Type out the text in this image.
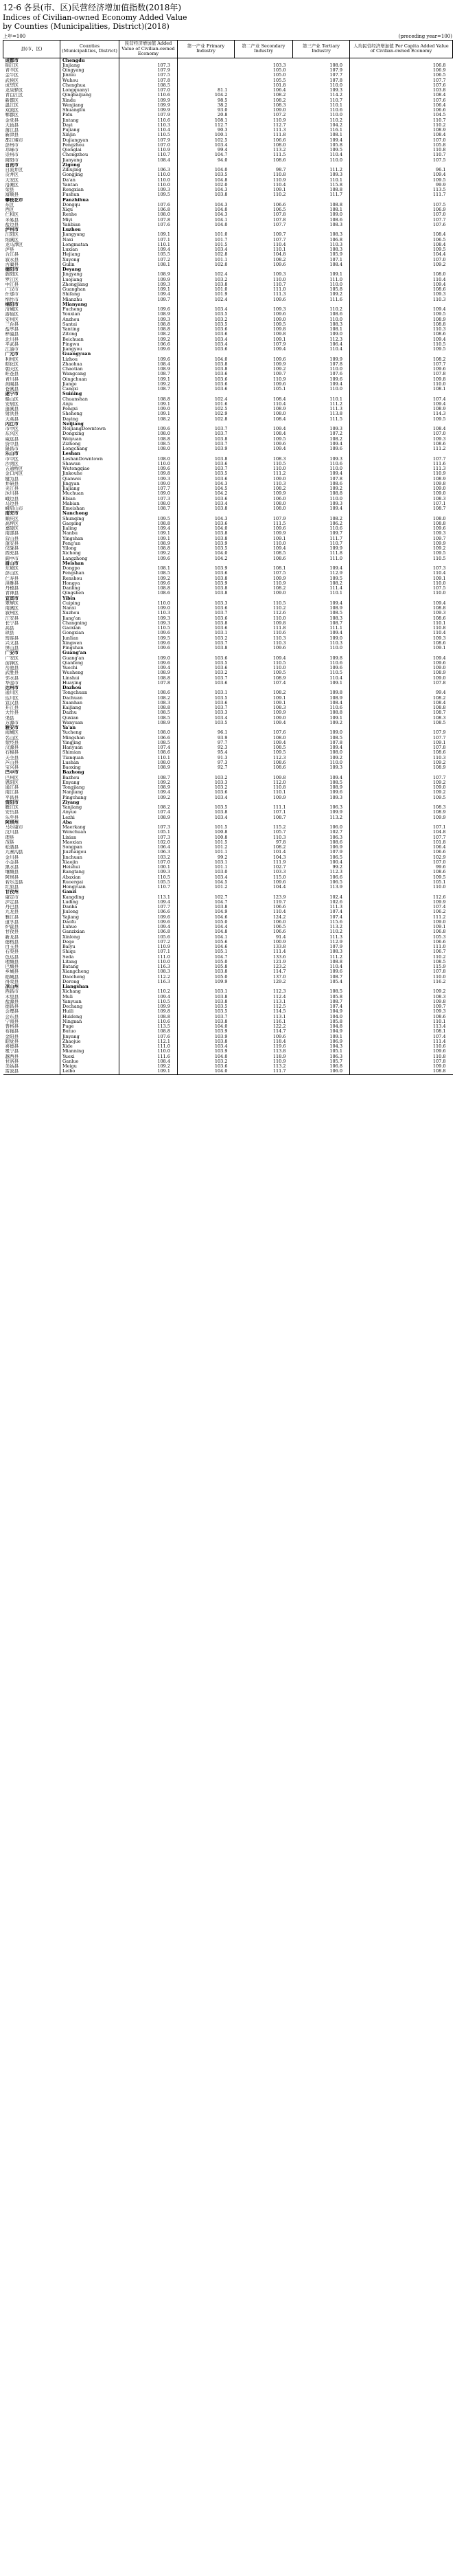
12-6 各县(市、区)民营经济增加值指数(2018年)
Indices of Civilian-owned Economy Added Value
by Counties (Municipalities, District)(2018)
上年=100	(preceding year=100)
县(市、区)	Counties (Municipalities, District)	民营经济增加值 Added Value of Civilian-owned Economy	第一产业 Primary Industry	第二产业 Secondary Industry	第三产业 Tertiary Industry	人均民营经济增加值 Per Capita Added Value of Civilian-owned Economy
成都市	Chengdu					
锦江区	Jinjiang	107.3		103.3	108.0	106.8
青羊区	Qingyang	107.9		105.0	107.9	106.9
金牛区	Jinniu	107.5		105.0	107.7	106.5
武侯区	Wuhou	107.8		105.5	107.8	107.7
成华区	Chenghua	108.5		101.8	110.0	107.6
龙泉驿区	Longquanyi	107.0	81.1	106.4	109.3	103.8
青白江区	Qingbaijiang	110.6	104.2	108.2	114.2	108.4
新都区	Xindu	109.9	98.5	108.2	110.7	107.6
温江区	Wenjiang	109.9	38.2	108.3	110.1	106.4
双流区	Shuangliu	109.9	93.0	109.0	110.6	106.6
郫都区	Pidu	107.9	20.8	107.2	110.0	104.5
金堂县	Jintang	110.6	108.1	110.9	110.2	110.7
大邑县	Dayi	110.3	112.7	112.7	104.2	110.2
蒲江县	Pujiang	110.4	90.3	111.3	116.1	108.9
新津县	Xinjin	110.5	100.1	111.8	108.1	108.4
都江堰市	Dujiangyan	107.9	102.5	106.6	109.4	107.0
彭州市	Pengzhou	107.0	103.4	108.0	105.8	105.8
邛崃市	Qionglai	110.9	99.4	113.2	109.5	110.8
崇州市	Chongzhou	110.7	104.7	111.5	110.4	110.7
简阳市	Jianyang	108.4	94.0	108.6	110.0	107.5
自贡市	Zigong					
自流井区	Ziliujing	106.3	104.0	98.7	111.2	96.1
贡井区	Gongjing	110.0	103.5	110.8	109.3	109.4
大安区	Da'an	110.0	104.8	110.9	110.1	109.5
沿滩区	Yantan	110.0	102.0	110.4	115.8	99.9
荣县	Rongxian	109.3	104.3	109.1	108.8	113.5
富顺县	Fushun	109.5	103.8	110.2	111.7	111.7
攀枝花市	Panzhihua					
东区	Dongqu	107.6	104.3	106.6	108.8	107.5
西区	Xiqu	106.8	104.0	106.5	108.1	106.9
仁和区	Renhe	108.0	104.3	107.8	109.0	107.0
米易县	Miyi	107.8	104.1	107.8	108.6	107.7
盐边县	Yanbian	107.6	104.0	107.7	108.3	107.6
泸州市	Luzhou					
江阳区	Jiangyang	109.1	101.0	109.7	108.3	108.4
纳溪区	Naxi	107.1	101.7	107.7	106.8	106.5
龙马潭区	Longmatan	110.1	101.5	110.4	110.3	108.4
泸县	Luxian	109.4	103.4	110.1	108.3	109.5
合江县	Hejiang	105.5	102.8	104.8	105.9	104.4
叙永县	Xuyong	107.2	101.1	108.2	107.1	107.0
古蔺县	Gulin	108.1	102.0	109.6	108.4	109.2
德阳市	Deyang					
旌阳区	Jingyang	108.9	102.4	109.3	109.1	108.0
罗江区	Luojiang	109.9	103.2	110.0	111.0	110.4
中江县	Zhongjiang	109.3	103.8	110.7	110.0	109.4
广汉市	Guanghan	109.1	101.0	111.0	105.8	108.6
什邡市	Shifang	109.4	101.9	111.3	109.2	109.3
绵竹市	Mianzhu	109.7	102.4	109.6	111.6	110.3
绵阳市	Mianyang					
涪城区	Fucheng	109.6	103.4	109.3	110.2	109.4
游仙区	Youxian	108.9	103.5	109.6	108.6	109.5
安州区	Anzhou	109.3	103.2	109.0	110.0	108.9
三台县	Santai	108.8	103.5	109.5	108.3	108.8
盐亭县	Yanting	108.8	103.6	109.8	108.1	110.3
梓潼县	Zitong	108.2	103.6	109.8	109.0	108.6
北川县	Beichuan	109.2	103.4	109.1	112.3	109.4
平武县	Pingwu	106.6	103.4	107.9	106.4	110.5
江油市	Jiangyou	109.6	103.6	109.4	110.4	109.5
广元市	Guangyuan					
利州区	Lizhou	109.6	104.0	109.6	109.9	108.2
昭化区	Zhaohua	108.4	103.8	109.9	107.8	107.7
朝天区	Chaotian	108.9	103.8	109.2	110.0	109.6
旺苍县	Wangcang	108.7	103.6	109.7	107.6	107.8
青川县	Qingchuan	109.1	103.6	110.9	109.6	109.8
剑阁县	Jiange	109.2	103.6	109.6	109.4	110.0
苍溪县	Cangxi	108.7	103.6	105.1	110.0	108.1
遂宁市	Suining					
船山区	Chuanshan	108.8	102.4	108.4	110.1	107.4
安居区	Anju	109.1	101.6	110.4	111.2	109.4
蓬溪县	Pengxi	109.0	102.5	108.9	111.3	108.9
射洪县	Shehong	109.1	102.9	108.0	113.8	114.3
大英县	Daying	108.2	102.8	108.4	111.5	109.5
内江市	Neijiang					
市中区	NeijiangDowntown	109.6	103.7	109.4	109.3	108.4
东兴区	Dongxing	108.0	103.7	108.4	107.2	107.0
威远县	Weiyuan	108.8	103.8	109.5	108.2	109.3
资中县	Zizhong	108.5	103.7	109.6	109.4	108.6
隆昌市	Longchang	108.0	103.9	109.4	109.6	111.2
乐山市	Leshan					
市中区	LeshanDowntown	108.0	103.8	108.3	109.3	107.7
沙湾区	Shawan	110.0	103.6	110.5	110.6	111.6
五通桥区	Wutongqiao	109.6	103.7	110.0	110.0	111.3
金口河区	Jinkouhe	109.8	103.5	111.2	109.4	110.9
犍为县	Qianwei	109.3	103.6	109.0	107.8	108.9
井研县	Jingyan	109.0	104.3	110.3	108.6	109.8
夹江县	Jiajiang	107.7	104.5	108.2	109.2	109.0
沐川县	Muchuan	109.0	104.2	109.9	108.8	109.0
峨边县	Ebian	107.3	103.6	106.0	110.0	108.3
马边县	Mabian	108.0	103.4	108.0	109.3	107.1
峨眉山市	Emeishan	108.7	103.8	108.0	109.4	108.7
南充市	Nanchong					
顺庆区	Shunqing	109.5	104.3	107.9	108.2	108.0
高坪区	Gaoping	108.8	103.6	111.5	106.2	108.8
嘉陵区	Jialing	109.4	104.0	109.6	110.6	109.6
南部县	Nanbu	109.1	103.8	109.9	109.7	109.3
营山县	Yingshan	109.1	103.8	109.1	111.7	109.7
蓬安县	Peng'an	108.9	103.9	110.0	110.7	109.9
仪陇县	Yilong	108.8	103.5	109.4	109.9	109.2
西充县	Xichong	109.2	104.0	108.5	111.8	109.5
阆中市	Langzhong	109.6	104.2	108.6	111.0	110.5
眉山市	Meishan					
东坡区	Dongpo	108.1	103.9	108.1	109.4	107.3
彭山区	Pengshan	108.5	103.6	107.5	112.9	110.4
仁寿县	Renshou	109.2	103.8	109.9	109.5	109.1
洪雅县	Hongya	109.6	103.9	110.9	108.2	110.0
丹棱县	Danling	108.8	103.8	108.2	111.4	107.5
青神县	Qingshen	108.6	103.8	109.0	110.1	110.0
宜宾市	Yibin					
翠屏区	Cuiping	110.0	103.3	110.5	109.4	109.4
南溪区	Nanxi	109.0	103.6	110.2	108.9	108.8
叙州区	Xuzhou	110.3	103.7	112.6	108.5	109.3
江安县	Jiang'an	109.3	103.6	110.0	108.3	108.6
长宁县	Changning	109.3	103.8	109.8	108.7	110.1
高县	Gaoxian	110.5	103.6	111.8	111.1	110.8
珙县	Gongxian	109.6	103.1	110.6	109.4	110.4
筠连县	Junlian	109.5	103.2	110.3	109.0	109.3
兴文县	Xingwen	109.6	103.7	110.3	110.3	108.6
屏山县	Pingshan	109.6	103.8	109.6	110.0	109.1
广安市	Guang'an					
广安区	Guang'an	109.0	103.6	109.4	109.8	109.4
前锋区	Qianfeng	109.6	103.5	110.5	110.6	109.6
岳池县	Yuechi	109.4	103.6	110.0	109.6	109.0
武胜县	Wusheng	108.9	103.2	109.5	110.5	108.9
邻水县	Linshui	108.8	103.7	108.9	110.4	109.0
华蓥市	Huaying	107.8	103.6	107.4	109.1	107.8
达州市	Dazhou					
通川区	Tongchuan	108.6	103.1	108.2	109.8	99.4
达川区	Dachuan	108.2	103.5	109.1	108.9	108.2
宣汉县	Xuanhan	108.3	103.6	109.1	108.4	108.4
开江县	Kaijiang	108.8	103.7	108.3	110.6	108.8
大竹县	Dazhu	108.5	103.3	109.9	108.8	108.7
渠县	Quxian	108.5	103.4	109.0	109.1	108.3
万源市	Wanyuan	108.9	103.5	109.4	109.2	108.5
雅安市	Ya'an					
雨城区	Yucheng	108.0	96.1	107.6	109.0	107.9
名山区	Mingshan	106.6	93.9	108.0	108.5	107.7
荥经县	Yingjing	108.5	97.7	109.4	107.8	109.1
汉源县	Hanyuan	107.4	92.3	108.5	109.4	107.8
石棉县	Shimian	108.6	95.4	109.5	108.0	108.6
天全县	Tianquan	110.1	91.3	112.3	109.2	110.3
芦山县	Lushan	108.0	97.3	108.6	110.0	109.2
宝兴县	Baoxing	108.9	92.7	108.6	109.3	108.9
巴中市	Bazhong					
巴州区	Bazhou	108.7	103.2	109.8	109.4	107.7
恩阳区	Enyang	109.2	103.3	112.0	108.5	109.2
通江县	Tongjiang	108.9	103.2	110.8	108.9	109.0
南江县	Nanjiang	109.4	103.6	110.1	109.6	109.2
平昌县	Pingchang	109.2	103.4	109.9	109.3	109.5
资阳市	Ziyang					
雁江区	Yanjiang	108.2	103.5	111.1	106.3	108.3
安岳县	Anyue	107.4	103.8	107.1	109.9	108.9
乐至县	Lezhi	108.9	103.4	108.7	113.2	109.9
阿坝州	Aba					
马尔康市	Maerkang	107.3	101.5	115.2	106.0	107.1
汶川县	Wenchuan	105.1	100.8	105.7	102.7	104.8
理县	Lixian	107.3	100.8	110.3	106.3	107.7
茂县	Maoxian	102.0	101.5	97.8	108.6	101.8
松潘县	Songpan	106.4	101.2	108.2	106.9	106.4
九寨沟县	Jiuzhaigou	106.3	101.1	101.4	107.9	106.6
金川县	Jinchuan	103.2	99.2	104.3	106.5	102.9
小金县	Xiaojin	107.0	103.1	111.9	100.4	107.0
黑水县	Heishui	100.1	101.1	102.7	99.2	99.6
壤塘县	Rangtang	109.3	103.0	103.3	112.3	108.6
阿坝县	Abaxian	110.5	103.4	115.0	106.6	109.5
若尔盖县	Ruoergai	105.5	104.5	109.6	106.5	105.1
红原县	Hongyuan	110.7	101.2	104.4	113.9	110.0
甘孜州	Ganzi					
康定市	Kangding	113.1	102.7	123.9	102.4	112.6
泸定县	Luding	109.4	104.7	119.7	102.6	109.9
丹巴县	Danba	107.7	103.8	106.6	111.3	107.4
九龙县	Jiulong	106.6	104.9	110.4	107.4	106.2
雅江县	Yajiang	109.6	104.6	124.2	107.4	111.2
道孚县	Daofu	109.6	105.0	106.0	115.6	109.0
炉霍县	Luhuo	109.4	104.4	106.5	113.2	109.1
甘孜县	Ganzixian	106.8	104.8	106.6	110.2	106.8
新龙县	Xinlong	105.6	104.1	91.4	111.3	105.3
德格县	Dege	107.2	105.6	100.9	112.9	106.6
白玉县	Baiyu	110.9	104.6	133.8	107.9	111.0
石渠县	Shiqu	107.1	105.1	111.4	108.3	106.7
色达县	Seda	111.0	104.7	133.6	111.2	110.2
理塘县	Litang	110.0	105.0	121.9	108.8	108.5
巴塘县	Batang	116.3	105.8	123.2	110.4	115.9
乡城县	Xiangcheng	108.3	103.8	114.7	109.6	107.8
稻城县	Daocheng	112.2	105.0	137.0	108.7	110.0
得荣县	Derong	116.3	109.9	129.2	105.4	116.2
凉山州	Liangshan					
西昌市	Xichang	110.2	103.1	112.3	108.5	109.2
木里县	Muli	109.4	103.8	112.4	105.8	108.3
盐源县	Yanyuan	110.5	103.8	113.1	108.7	109.8
德昌县	Dechang	109.9	103.5	112.5	107.4	109.7
会理县	Huili	109.8	103.5	114.5	104.9	109.3
会东县	Huidong	108.8	103.7	113.1	104.0	108.6
宁南县	Ningnan	110.6	103.8	116.1	105.8	110.1
普格县	Puge	113.5	104.0	122.2	104.8	113.4
布拖县	Butuo	108.8	103.9	114.7	104.9	108.1
金阳县	Jinyang	107.6	103.9	109.6	109.1	107.4
昭觉县	Zhaojue	112.1	103.8	118.4	106.9	111.4
喜德县	Xide	111.0	103.4	119.6	104.3	110.6
冕宁县	Mianning	110.0	103.9	113.8	105.1	109.6
越西县	Yuexi	111.6	104.0	118.9	106.3	110.8
甘洛县	Ganluo	108.4	103.2	110.9	105.7	107.8
美姑县	Meigu	109.2	103.6	113.2	106.8	109.0
雷波县	Leibo	109.1	104.0	111.7	106.0	108.8
